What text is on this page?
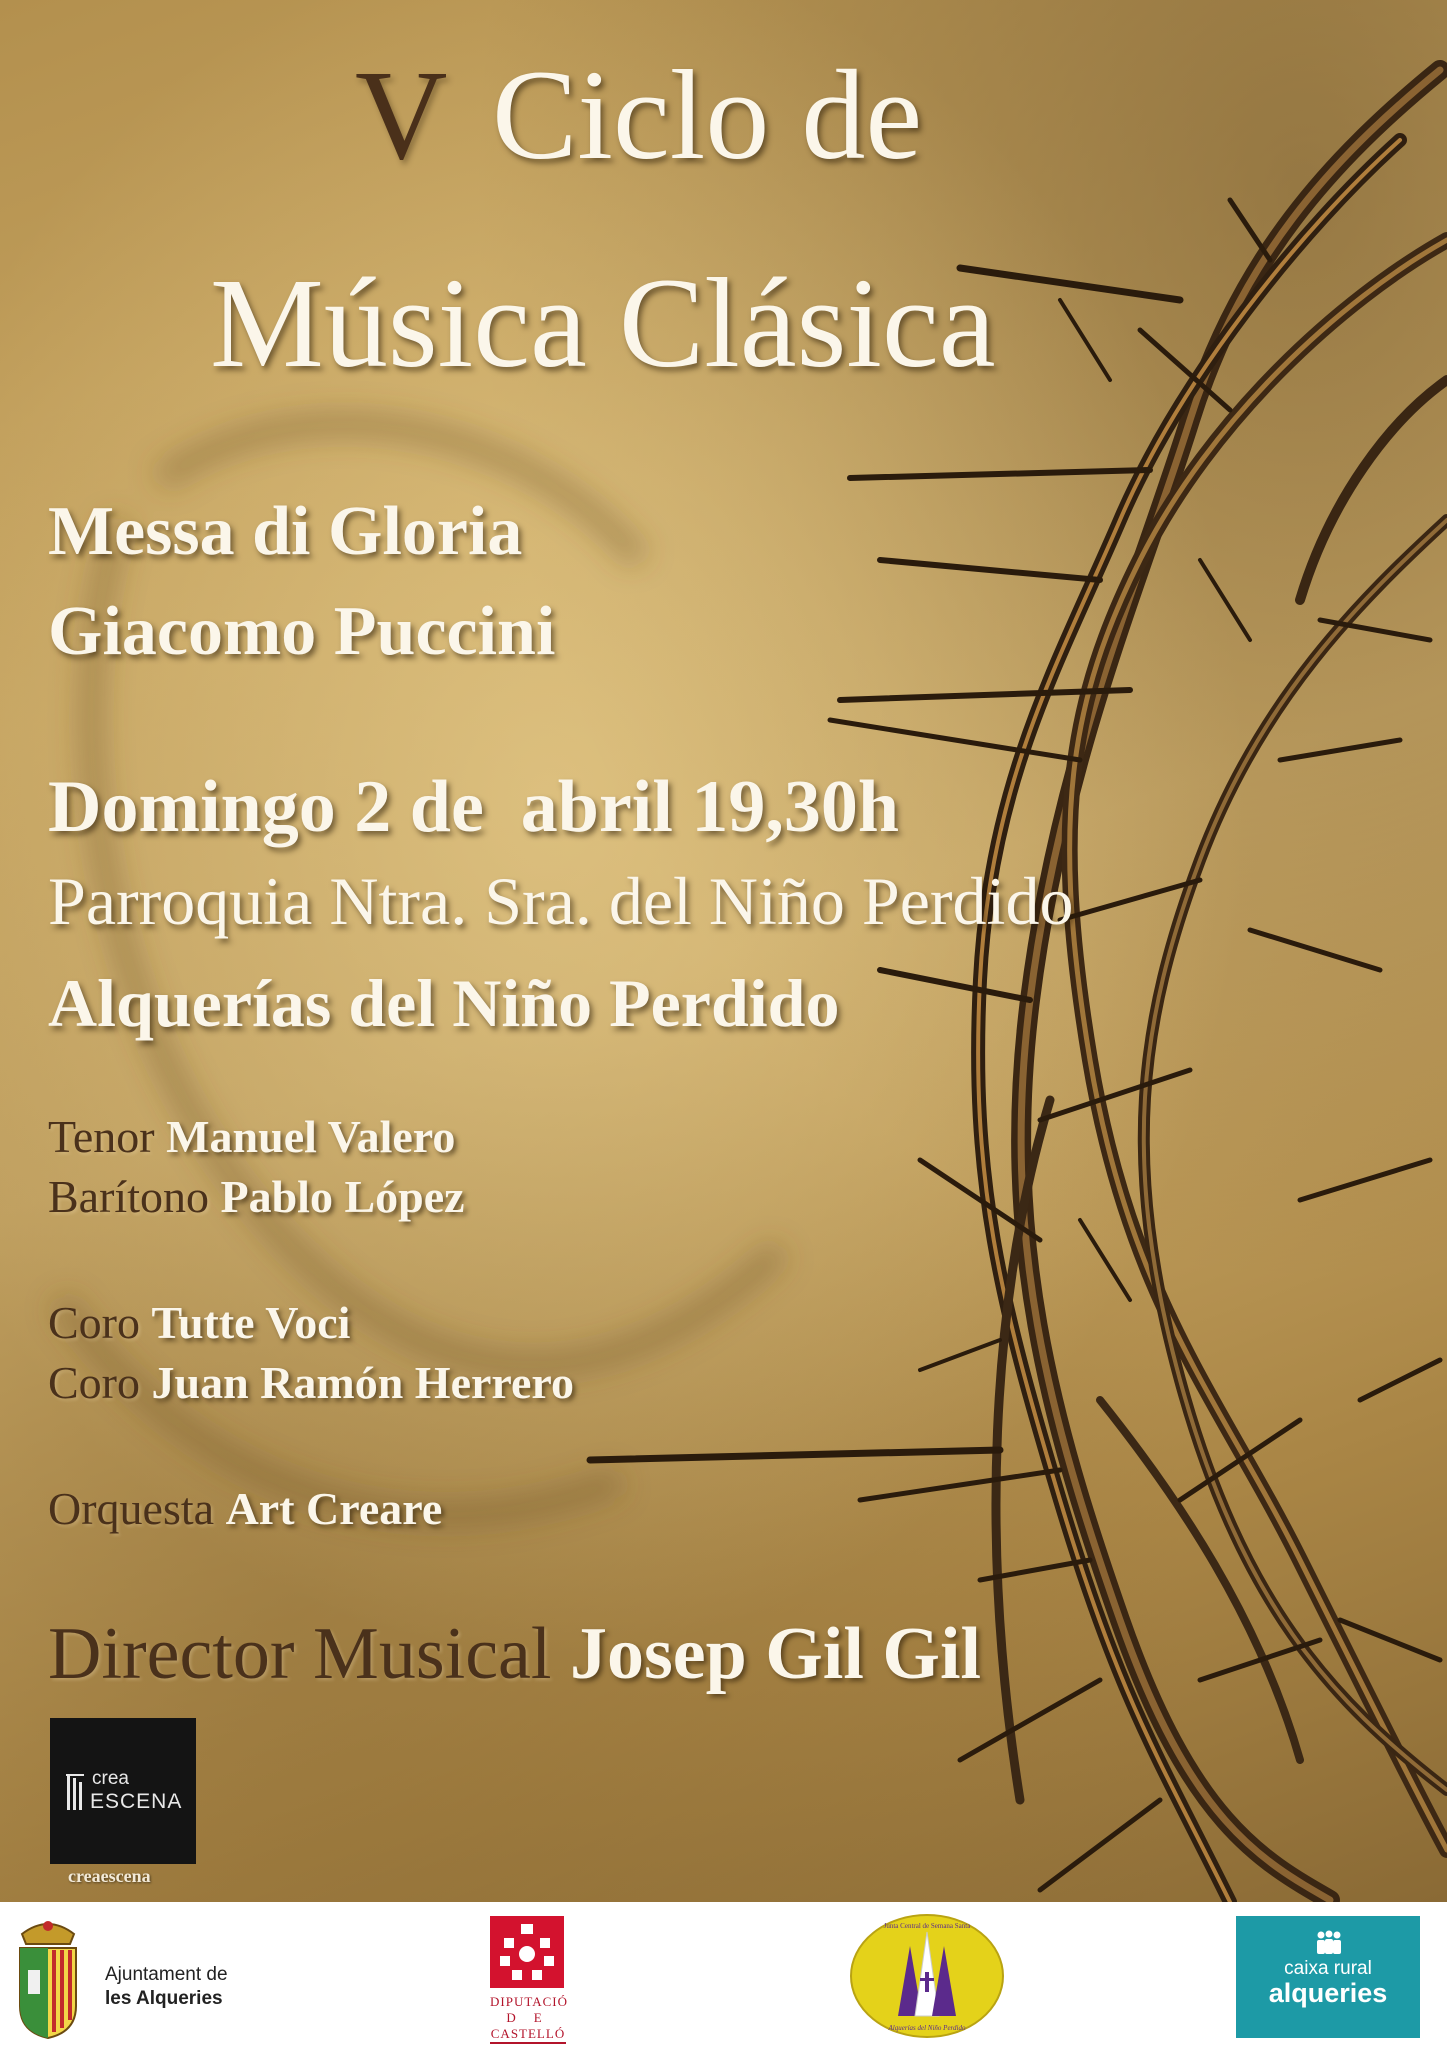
V Ciclo de
Música Clásica
Messa di Gloria
Giacomo Puccini
Domingo 2 de  abril 19,30h
Parroquia Ntra. Sra. del Niño Perdido
Alquerías del Niño Perdido
Tenor Manuel Valero
Barítono Pablo López
Coro Tutte Voci
Coro Juan Ramón Herrero
Orquesta Art Creare
Director Musical Josep Gil Gil
crea
ESCENA
creaescena
Ajuntament de
les Alqueries	DIPUTACIÓ
DE
CASTELLÓ
Junta Central de Semana Santa
Alquerías del Niño Perdido
caixa rural
alqueries
